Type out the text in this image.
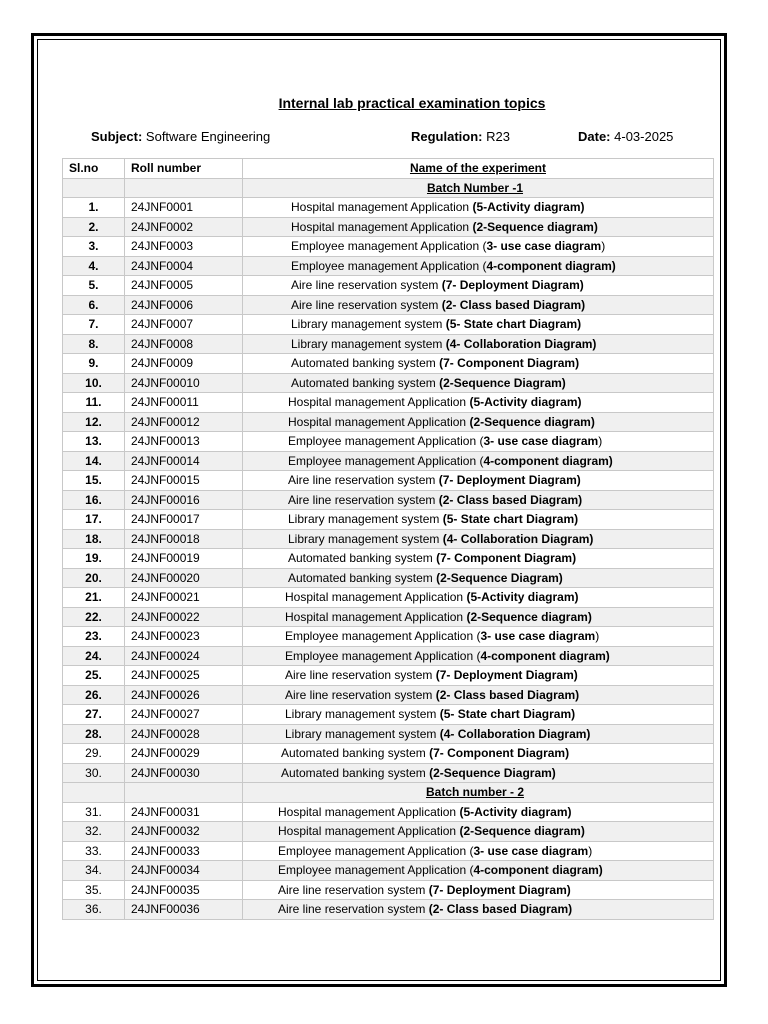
Internal lab practical examination topics
Subject: Software Engineering	Regulation: R23	Date: 4-03-2025
Sl.no	Roll number	Name of the experiment
		Batch Number -1
1.	24JNF0001	Hospital management Application (5-Activity diagram)
2.	24JNF0002	Hospital management Application (2-Sequence diagram)
3.	24JNF0003	Employee management Application (3- use case diagram)
4.	24JNF0004	Employee management Application (4-component diagram)
5.	24JNF0005	Aire line reservation system (7- Deployment Diagram)
6.	24JNF0006	Aire line reservation system (2- Class based Diagram)
7.	24JNF0007	Library management system (5- State chart Diagram)
8.	24JNF0008	Library management system (4- Collaboration Diagram)
9.	24JNF0009	Automated banking system (7- Component Diagram)
10.	24JNF00010	Automated banking system (2-Sequence Diagram)
11.	24JNF00011	Hospital management Application (5-Activity diagram)
12.	24JNF00012	Hospital management Application (2-Sequence diagram)
13.	24JNF00013	Employee management Application (3- use case diagram)
14.	24JNF00014	Employee management Application (4-component diagram)
15.	24JNF00015	Aire line reservation system (7- Deployment Diagram)
16.	24JNF00016	Aire line reservation system (2- Class based Diagram)
17.	24JNF00017	Library management system (5- State chart Diagram)
18.	24JNF00018	Library management system (4- Collaboration Diagram)
19.	24JNF00019	Automated banking system (7- Component Diagram)
20.	24JNF00020	Automated banking system (2-Sequence Diagram)
21.	24JNF00021	Hospital management Application (5-Activity diagram)
22.	24JNF00022	Hospital management Application (2-Sequence diagram)
23.	24JNF00023	Employee management Application (3- use case diagram)
24.	24JNF00024	Employee management Application (4-component diagram)
25.	24JNF00025	Aire line reservation system (7- Deployment Diagram)
26.	24JNF00026	Aire line reservation system (2- Class based Diagram)
27.	24JNF00027	Library management system (5- State chart Diagram)
28.	24JNF00028	Library management system (4- Collaboration Diagram)
29.	24JNF00029	Automated banking system (7- Component Diagram)
30.	24JNF00030	Automated banking system (2-Sequence Diagram)
		Batch number - 2
31.	24JNF00031	Hospital management Application (5-Activity diagram)
32.	24JNF00032	Hospital management Application (2-Sequence diagram)
33.	24JNF00033	Employee management Application (3- use case diagram)
34.	24JNF00034	Employee management Application (4-component diagram)
35.	24JNF00035	Aire line reservation system (7- Deployment Diagram)
36.	24JNF00036	Aire line reservation system (2- Class based Diagram)
